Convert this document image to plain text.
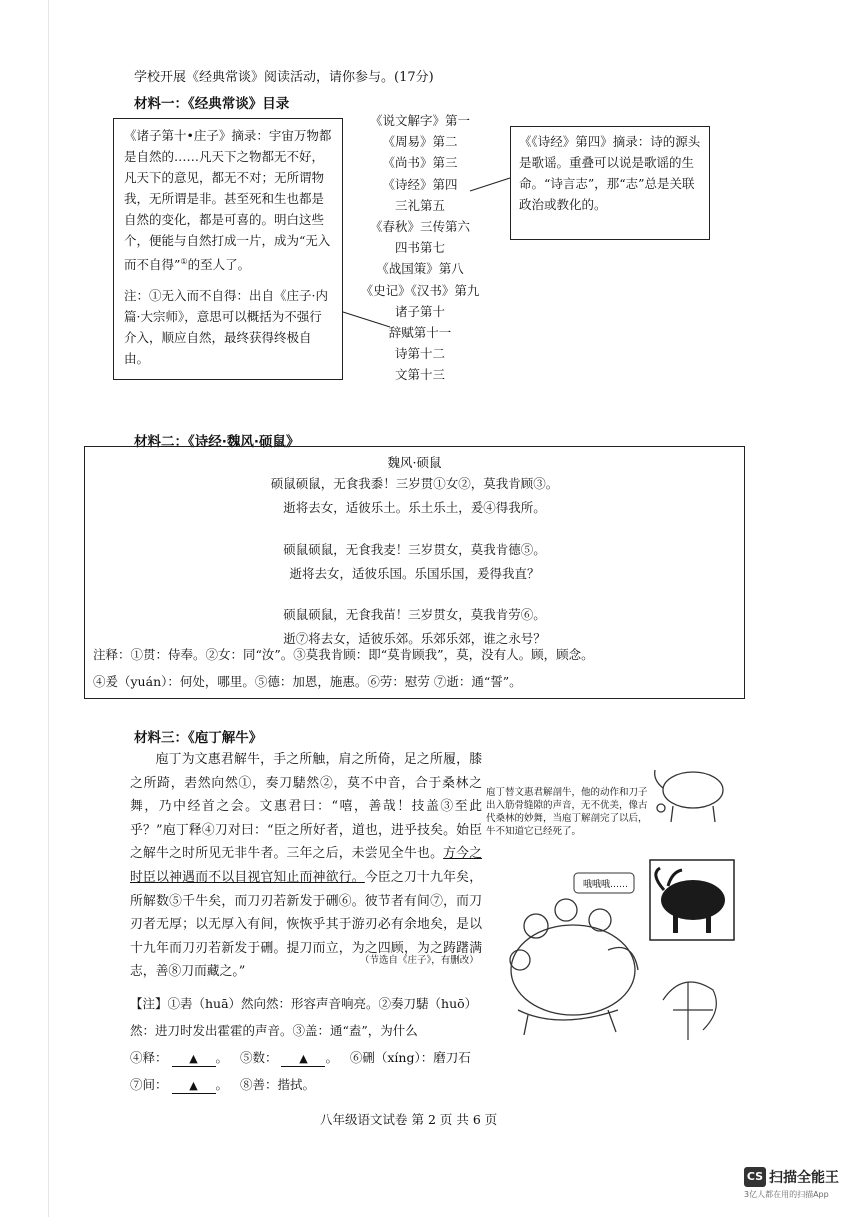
学校开展《经典常谈》阅读活动，请你参与。(17分)
材料一：《经典常谈》目录

《诸子第十•庄子》摘录：宇宙万物都是自然的……凡天下之物都无不好，凡天下的意见，都无不对；无所谓物我，无所谓是非。甚至死和生也都是自然的变化，都是可喜的。明白这些个，便能与自然打成一片，成为“无入而不自得”①的至人了。

注：①无入而不自得：出自《庄子·内篇·大宗师》，意思可以概括为不强行介入，顺应自然，最终获得终极自由。

《说文解字》第一
《周易》第二
《尚书》第三
《诗经》第四
三礼第五
《春秋》三传第六
四书第七
《战国策》第八
《史记》《汉书》第九
诸子第十
辞赋第十一
诗第十二
文第十三

《《诗经》第四》摘录：诗的源头是歌谣。重叠可以说是歌谣的生命。“诗言志”，那“志”总是关联政治或教化的。

材料二：《诗经·魏风·硕鼠》
魏风·硕鼠
硕鼠硕鼠，无食我黍！三岁贯①女②，莫我肯顾③。
逝将去女，适彼乐土。乐土乐土，爰④得我所。
硕鼠硕鼠，无食我麦！三岁贯女，莫我肯德⑤。
逝将去女，适彼乐国。乐国乐国，爰得我直？
硕鼠硕鼠，无食我苗！三岁贯女，莫我肯劳⑥。
逝⑦将去女，适彼乐郊。乐郊乐郊，谁之永号？
注释：①贯：侍奉。②女：同“汝”。③莫我肯顾：即“莫肯顾我”，莫，没有人。顾，顾念。
④爰（yuán）：何处，哪里。⑤德：加恩，施惠。⑥劳：慰劳 ⑦逝：通“誓”。
材料三：《庖丁解牛》

庖丁为文惠君解牛，手之所触，肩之所倚，足之所履，膝之所踦，砉然向然①，奏刀騞然②，莫不中音，合于桑林之舞，乃中经首之会。文惠君曰：“嘻，善哉！技盖③至此乎？”庖丁释④刀对曰：“臣之所好者，道也，进乎技矣。始臣之解牛之时所见无非牛者。三年之后，未尝见全牛也。方今之时臣以神遇而不以目视官知止而神欲行。今臣之刀十九年矣，所解数⑤千牛矣，而刀刃若新发于硎⑥。彼节者有间⑦，而刀刃者无厚；以无厚入有间，恢恢乎其于游刃必有余地矣，是以十九年而刀刃若新发于硎。提刀而立，为之四顾，为之踌躇满志，善⑧刀而藏之。”

（节选自《庄子》，有删改）
庖丁替文惠君解剖牛，他的动作和刀子出入筋骨缝隙的声音，无不优美，像古代桑林的妙舞，当庖丁解剖完了以后，牛不知道它已经死了。
哦哦哦……
【注】①砉（huā）然向然：形容声音响亮。②奏刀騞（huō）然：进刀时发出霍霍的声音。③盖：通“盍”，为什么
④释： ▲ 。 ⑤数： ▲ 。 ⑥硎（xíng）：磨刀石
⑦间： ▲ 。 ⑧善：揩拭。
八年级语文试卷 第 2 页 共 6 页
CS 扫描全能王
3亿人都在用的扫描App
